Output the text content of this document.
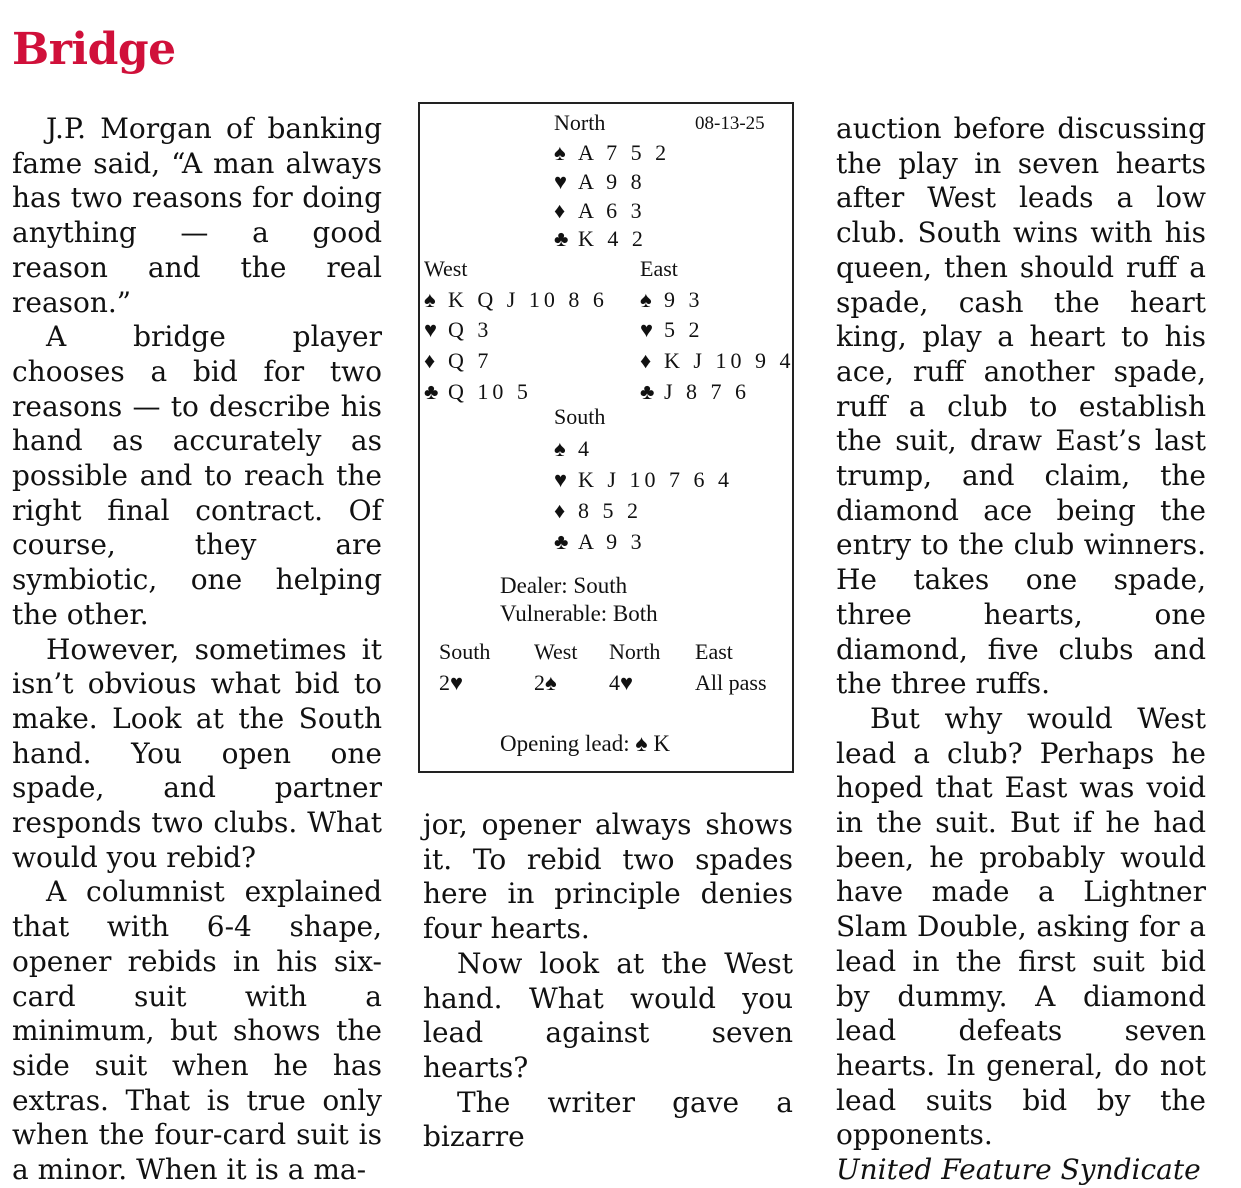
Bridge

J.P. Morgan of banking fame said, “A man always has two reasons for doing anything — a good reason and the real reason.”

A bridge player chooses a bid for two reasons — to describe his hand as accurately as possible and to reach the right final contract. Of course, they are symbiotic, one helping the other.

However, sometimes it isn’t obvious what bid to make. Look at the South hand. You open one spade, and partner responds two clubs. What would you rebid?

A columnist explained that with 6-4 shape, opener rebids in his six-card suit with a minimum, but shows the side suit when he has extras. That is true only when the four-card suit is a minor. When it is a ma-

North	08-13-25
♠ A 7 5 2
♥ A 9 8
♦ A 6 3
♣ K 4 2
West	East
♠ K Q J 10 8 6
♥ Q 3
♦ Q 7
♣ Q 10 5
♠ 9 3
♥ 5 2
♦ K J 10 9 4
♣ J 8 7 6
South
♠ 4
♥ K J 10 7 6 4
♦ 8 5 2
♣ A 9 3
Dealer: South
Vulnerable: Both
South West North East
2♥	2♠ 4♥	All pass
Opening lead: ♠ K

jor, opener always shows it. To rebid two spades here in principle denies four hearts.

Now look at the West hand. What would you lead against seven hearts?

The writer gave a bizarre

auction before discussing the play in seven hearts after West leads a low club. South wins with his queen, then should ruff a spade, cash the heart king, play a heart to his ace, ruff another spade, ruff a club to establish the suit, draw East’s last trump, and claim, the diamond ace being the entry to the club winners. He takes one spade, three hearts, one diamond, five clubs and the three ruffs.

But why would West lead a club? Perhaps he hoped that East was void in the suit. But if he had been, he probably would have made a Lightner Slam Double, asking for a lead in the first suit bid by dummy. A diamond lead defeats seven hearts. In general, do not lead suits bid by the opponents.

United Feature Syndicate
